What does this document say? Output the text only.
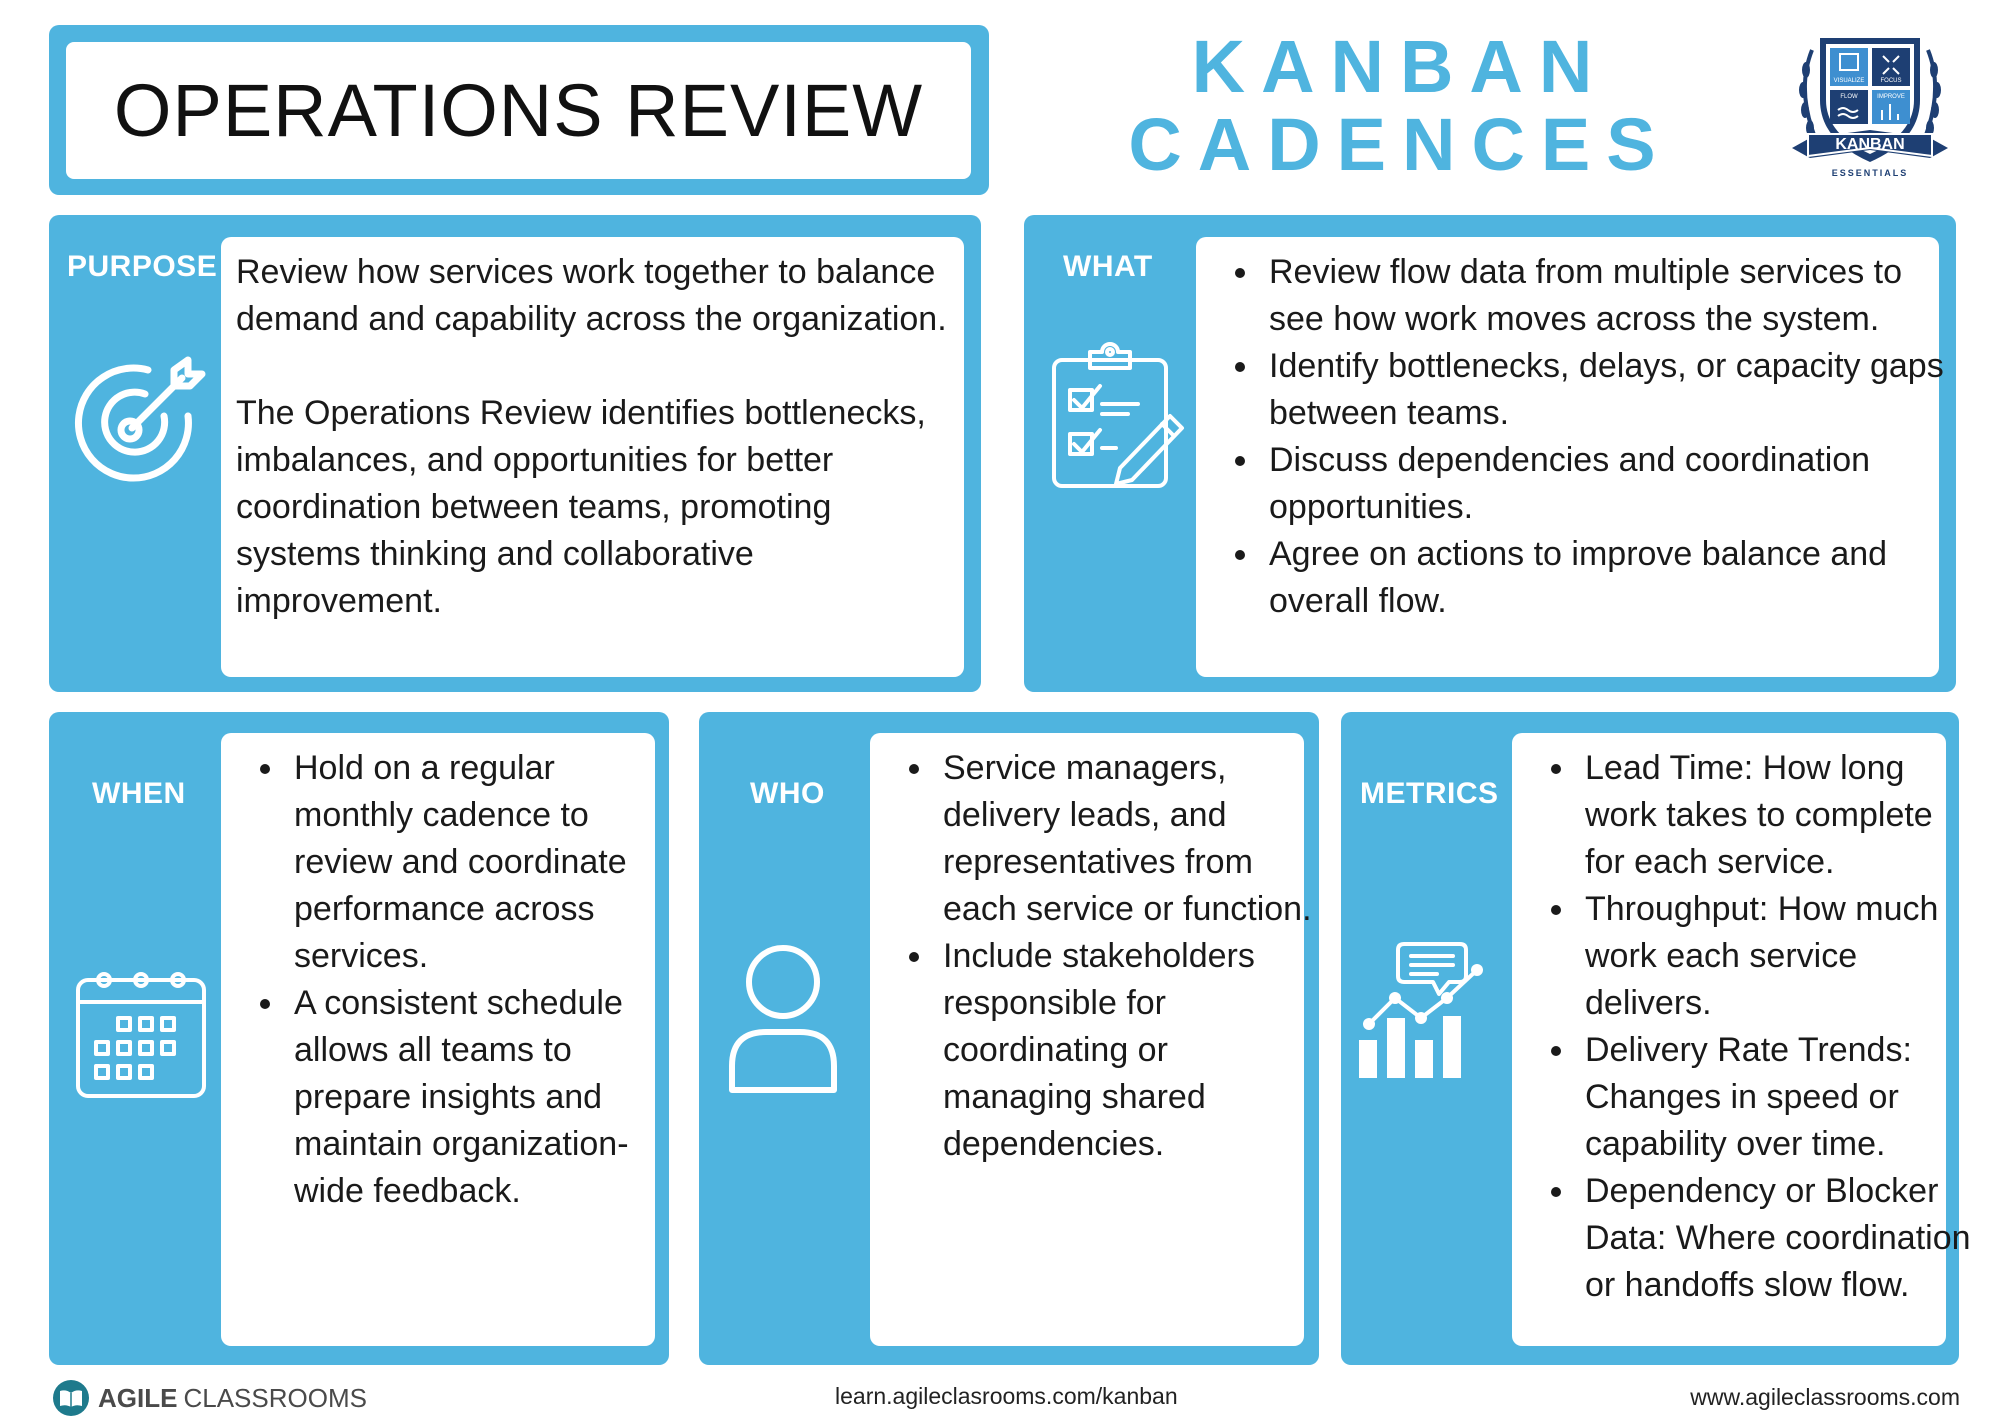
OPERATIONS REVIEW
KANBAN
CADENCES
VISUALIZE	FOCUS
FLOW	IMPROVE
KANBAN
ESSENTIALS
PURPOSE Review how services work together to balance demand and capability across the organization.

The Operations Review identifies bottlenecks, imbalances, and opportunities for better coordination between teams, promoting systems thinking and collaborative improvement.

WHAT	Review flow data from multiple services to see how work moves across the system.
Identify bottlenecks, delays, or capacity gaps between teams.
Discuss dependencies and coordination opportunities.
Agree on actions to improve balance and overall flow.
WHEN
Hold on a regular monthly cadence to review and coordinate performance across services.
A consistent schedule allows all teams to prepare insights and maintain organization-wide feedback.
WHO
Service managers, delivery leads, and representatives from each service or function.
Include stakeholders responsible for coordinating or managing shared dependencies.
METRICS
Lead Time: How long work takes to complete for each service.
Throughput: How much work each service delivers.
Delivery Rate Trends: Changes in speed or capability over time.
Dependency or Blocker Data: Where coordination or handoffs slow flow.
AGILE CLASSROOMS	learn.agileclasrooms.com/kanban	www.agileclassrooms.com
